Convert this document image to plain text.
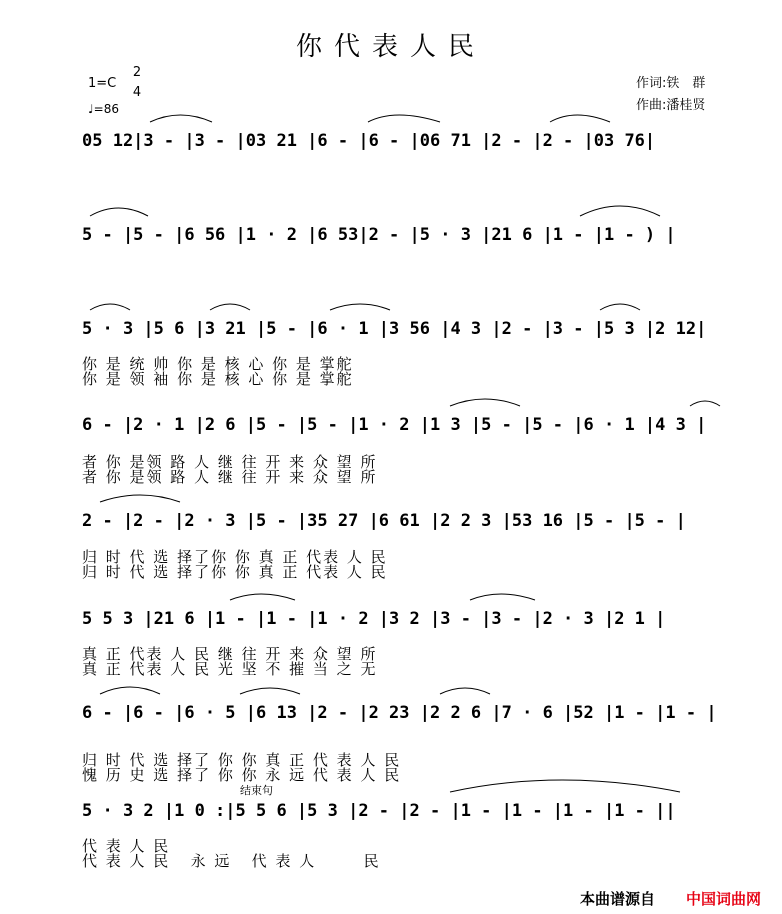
你代表人民
1=C
2
4
♩=86
作词:铁　群
作曲:潘桂贤
05 12|3 - |3 - |03 21 |6 - |6 - |06 71 |2 - |2 - |03 76|
5 - |5 - |6 56 |1 · 2 |6 53|2 - |5 · 3 |21 6 |1 - |1 - ) |
5 · 3 |5 6 |3 21 |5 - |6 · 1 |3 56 |4 3 |2 - |3 - |5 3 |2 12|
你 是 统 帅 你 是 核 心 你 是 掌舵
你 是 领 袖 你 是 核 心 你 是 掌舵
6 - |2 · 1 |2 6 |5 - |5 - |1 · 2 |1 3 |5 - |5 - |6 · 1 |4 3 |
者 你 是领 路 人 继 往 开 来 众 望 所
者 你 是领 路 人 继 往 开 来 众 望 所
2 - |2 - |2 · 3 |5 - |35 27 |6 61 |2 2 3 |53 16 |5 - |5 - |
归 时 代 选 择了你 你 真 正 代表 人 民
归 时 代 选 择了你 你 真 正 代表 人 民
5 5 3 |21 6 |1 - |1 - |1 · 2 |3 2 |3 - |3 - |2 · 3 |2 1 |
真 正 代表 人 民 继 往 开 来 众 望 所
真 正 代表 人 民 光 坚 不 摧 当 之 无
6 - |6 - |6 · 5 |6 13 |2 - |2 23 |2 2 6 |7 · 6 |52 |1 - |1 - |
归 时 代 选 择了 你 你 真 正 代 表 人 民
愧 历 史 选 择了 你 你 永 远 代 表 人 民
结束句
5 · 3 2 |1 0 :|5 5 6 |5 3 |2 - |2 - |1 - |1 - |1 - |1 - ||
代 表 人 民
代 表 人 民   永 远   代 表 人       民
本曲谱源自 中国词曲网
